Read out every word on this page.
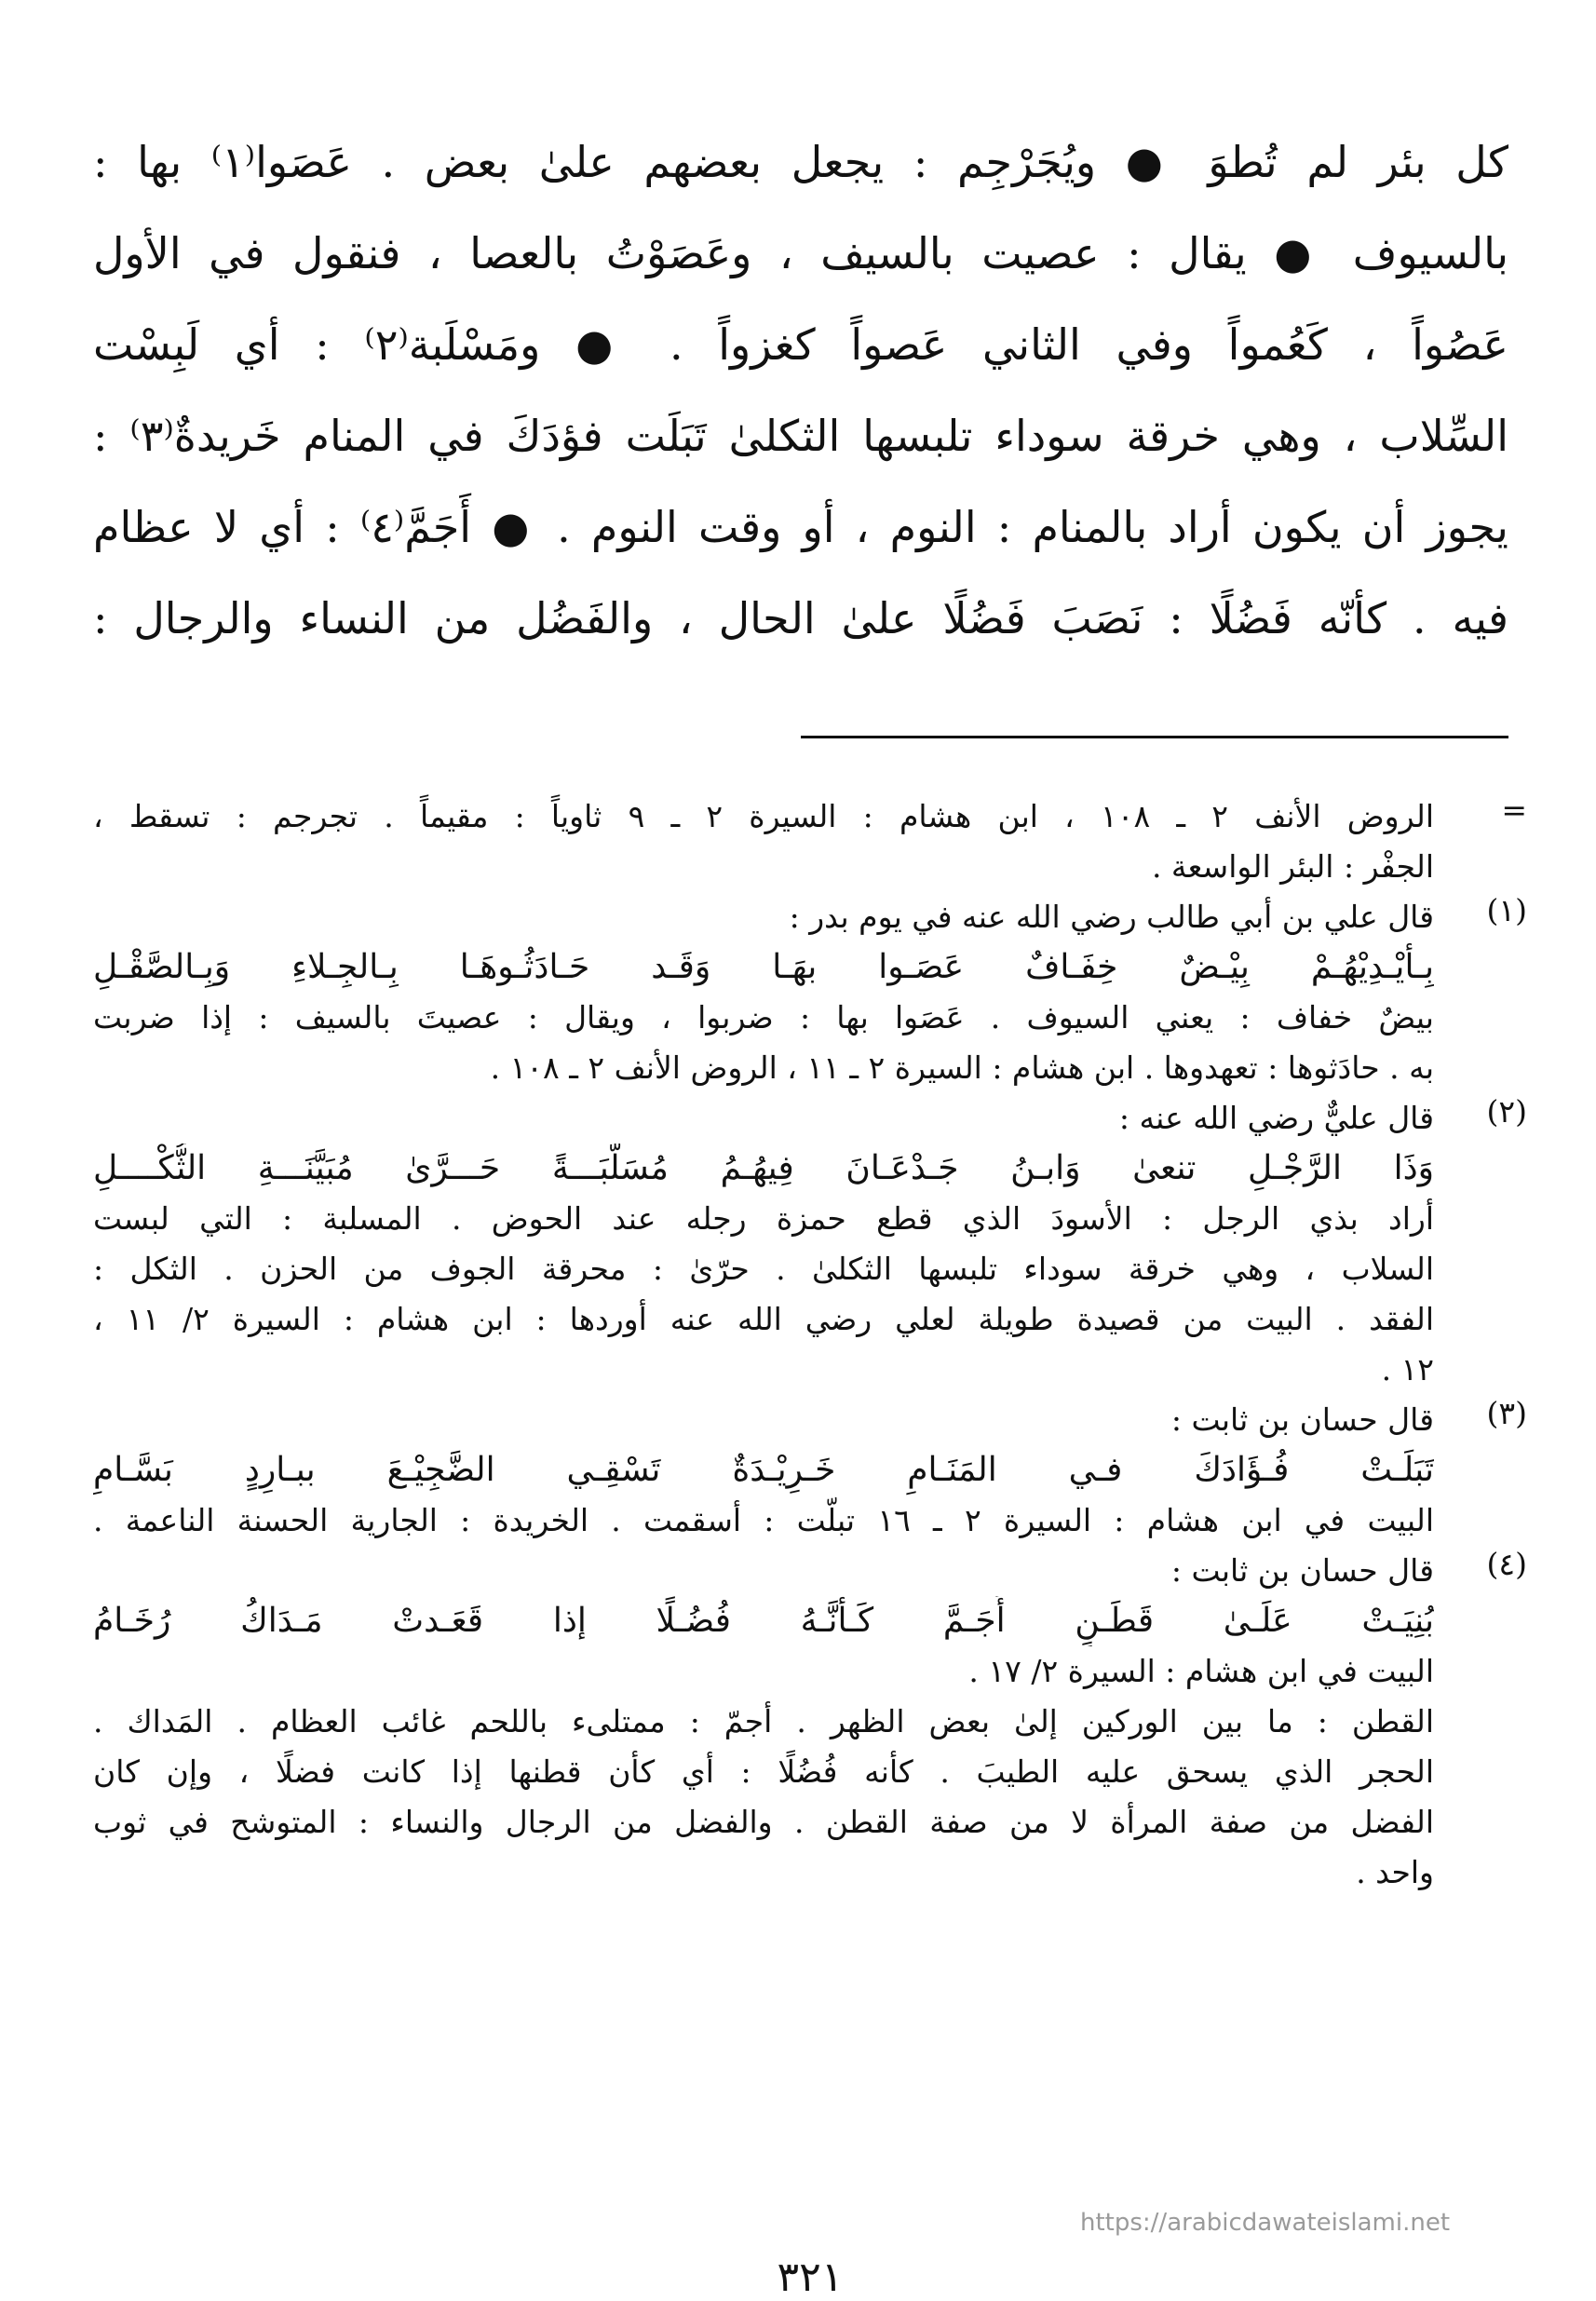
كل بئر لم تُطوَ ● ويُجَرْجِم : يجعل بعضهم علىٰ بعض . عَصَوا⁽١⁾ بها :
بالسيوف ● يقال : عصيت بالسيف ، وعَصَوْتُ بالعصا ، فنقول في الأول
عَصُواً ، كَعُمواً وفي الثاني عَصواً كغزواً . ● ومَسْلَبة⁽٢⁾ : أي لَبِسْت
السِّلاب ، وهي خرقة سوداء تلبسها الثكلىٰ تَبَلَت فؤدَكَ في المنام خَريدةٌ⁽٣⁾ :
يجوز أن يكون أراد بالمنام : النوم ، أو وقت النوم . ● أَجَمَّ⁽٤⁾ : أي لا عظام
فيه . كأنّه فَضُلًا : نَصَبَ فَضُلًا علىٰ الحال ، والفَضُل من النساء والرجال :
=
الروض الأنف ٢ ـ ١٠٨ ، ابن هشام : السيرة ٢ ـ ٩ ثاوياً : مقيماً . تجرجم : تسقط ،
الجفْر : البئر الواسعة .
(١)
قال علي بن أبي طالب رضي الله عنه في يوم بدر :
بِـأَيْـدِيْهُـمْ بِيْـضٌ خِفَـافٌ عَصَـوا بهَـا وَقَـد حَـادَثُـوهَـا بِـالجِـلاءِ وَبِـالصَّقْـلِ
بيضٌ خفاف : يعني السيوف . عَصَوا بها : ضربوا ، ويقال : عصيتَ بالسيف : إذا ضربت
به . حادَثوها : تعهدوها . ابن هشام : السيرة ٢ ـ ١١ ، الروض الأنف ٢ ـ ١٠٨ .
(٢)
قال عليٌّ رضي الله عنه :
وَذَا الرَّجْـلِ تنعىٰ وَابـنُ جَـدْعَـانَ فِيهُـمُ مُسَلَّبَـــةً حَـــرَّىٰ مُبَيَّنَـــةِ الثُّكْــــلِ
أراد بذي الرجل : الأسودَ الذي قطع حمزة رجله عند الحوض . المسلبة : التي لبست
السلاب ، وهي خرقة سوداء تلبسها الثكلىٰ . حرّىٰ : محرقة الجوف من الحزن . الثكل :
الفقد . البيت من قصيدة طويلة لعلي رضي الله عنه أوردها : ابن هشام : السيرة ٢/ ١١ ،
١٢ .
(٣)
قال حسان بن ثابت :
تَبَلَـتْ فُـؤَادَكَ فـي المَنَـامِ خَـرِيْـدَةٌ تَسْقِـي الضَّجِيْـعَ ببـارِدٍ بَسَّـامِ
البيت في ابن هشام : السيرة ٢ ـ ١٦ تبلّت : أسقمت . الخريدة : الجارية الحسنة الناعمة .
(٤)
قال حسان بن ثابت :
بُنِيَـتْ عَلَـىٰ قَطَـنٍ أَجَـمَّ كَـأَنَّـهُ فُضُـلًا إذا قَعَـدتْ مَـدَاكُ رُخَـامُ
البيت في ابن هشام : السيرة ٢/ ١٧ .
القطن : ما بين الوركين إلىٰ بعض الظهر . أجمّ : ممتلىء باللحم غائب العظام . المَداك .
الحجر الذي يسحق عليه الطيبَ . كأنه فُضُلًا : أي كأن قطنها إذا كانت فضلًا ، وإن كان
الفضل من صفة المرأة لا من صفة القطن . والفضل من الرجال والنساء : المتوشح في ثوب
واحد .
https://arabicdawateislami.net
٣٢١
